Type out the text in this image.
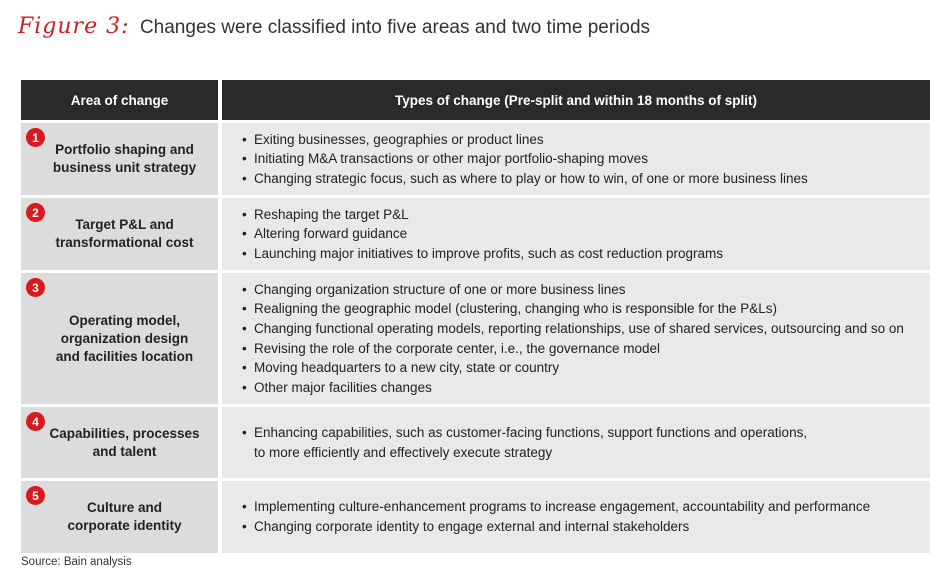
Figure 3: Changes were classified into five areas and two time periods
Area of change	Types of change (Pre-split and within 18 months of split)
1
Portfolio shaping and
business unit strategy
• Exiting businesses, geographies or product lines
• Initiating M&A transactions or other major portfolio-shaping moves
• Changing strategic focus, such as where to play or how to win, of one or more business lines
2
Target P&L and
transformational cost
• Reshaping the target P&L
• Altering forward guidance
• Launching major initiatives to improve profits, such as cost reduction programs
3
Operating model,
organization design
and facilities location
• Changing organization structure of one or more business lines
• Realigning the geographic model (clustering, changing who is responsible for the P&Ls)
• Changing functional operating models, reporting relationships, use of shared services, outsourcing and so on
• Revising the role of the corporate center, i.e., the governance model
• Moving headquarters to a new city, state or country
• Other major facilities changes
4
Capabilities, processes
and talent
• Enhancing capabilities, such as customer-facing functions, support functions and operations,
to more efficiently and effectively execute strategy
5
Culture and
corporate identity
• Implementing culture-enhancement programs to increase engagement, accountability and performance
• Changing corporate identity to engage external and internal stakeholders
Source: Bain analysis
